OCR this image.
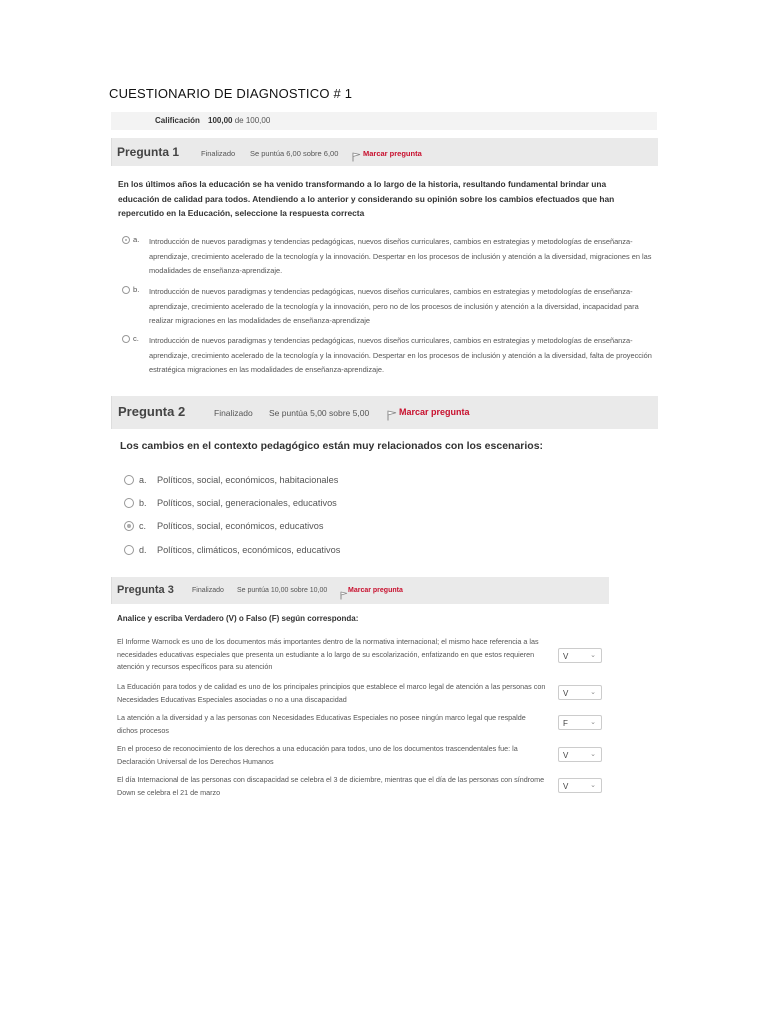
CUESTIONARIO DE DIAGNOSTICO # 1
Calificación 100,00 de 100,00
Pregunta 1	Finalizado Se puntúa 6,00 sobre 6,00	Marcar pregunta
En los últimos años la educación se ha venido transformando a lo largo de la historia, resultando fundamental brindar una educación de calidad para todos. Atendiendo a lo anterior y considerando su opinión sobre los cambios efectuados que han repercutido en la Educación, seleccione la respuesta correcta
a. Introducción de nuevos paradigmas y tendencias pedagógicas, nuevos diseños curriculares, cambios en estrategias y metodologías de enseñanza-aprendizaje, crecimiento acelerado de la tecnología y la innovación. Despertar en los procesos de inclusión y atención a la diversidad, migraciones en las modalidades de enseñanza-aprendizaje.
b. Introducción de nuevos paradigmas y tendencias pedagógicas, nuevos diseños curriculares, cambios en estrategias y metodologías de enseñanza-aprendizaje, crecimiento acelerado de la tecnología y la innovación, pero no de los procesos de inclusión y atención a la diversidad, incapacidad para realizar migraciones en las modalidades de enseñanza-aprendizaje
c. Introducción de nuevos paradigmas y tendencias pedagógicas, nuevos diseños curriculares, cambios en estrategias y metodologías de enseñanza-aprendizaje, crecimiento acelerado de la tecnología y la innovación. Despertar en los procesos de inclusión y atención a la diversidad, falta de proyección estratégica migraciones en las modalidades de enseñanza-aprendizaje.
Pregunta 2	Finalizado Se puntúa 5,00 sobre 5,00	Marcar pregunta
Los cambios en el contexto pedagógico están muy relacionados con los escenarios:
a. Políticos, social, económicos, habitacionales
b. Políticos, social, generacionales, educativos
c. Políticos, social, económicos, educativos
d. Políticos, climáticos, económicos, educativos
Pregunta 3	Finalizado Se puntúa 10,00 sobre 10,00	Marcar pregunta
Analice y escriba Verdadero (V) o Falso (F) según corresponda:
El Informe Warnock es uno de los documentos más importantes dentro de la normativa internacional; el mismo hace referencia a las necesidades educativas especiales que presenta un estudiante a lo largo de su escolarización, enfatizando en que estos requieren atención y recursos específicos para su atención
V	⌄
La Educación para todos y de calidad es uno de los principales principios que establece el marco legal de atención a las personas con Necesidades Educativas Especiales asociadas o no a una discapacidad
V	⌄
La atención a la diversidad y a las personas con Necesidades Educativas Especiales no posee ningún marco legal que respalde dichos procesos
F	⌄
En el proceso de reconocimiento de los derechos a una educación para todos, uno de los documentos trascendentales fue: la Declaración Universal de los Derechos Humanos
V	⌄
El día Internacional de las personas con discapacidad se celebra el 3 de diciembre, mientras que el día de las personas con síndrome Down se celebra el 21 de marzo
V	⌄
